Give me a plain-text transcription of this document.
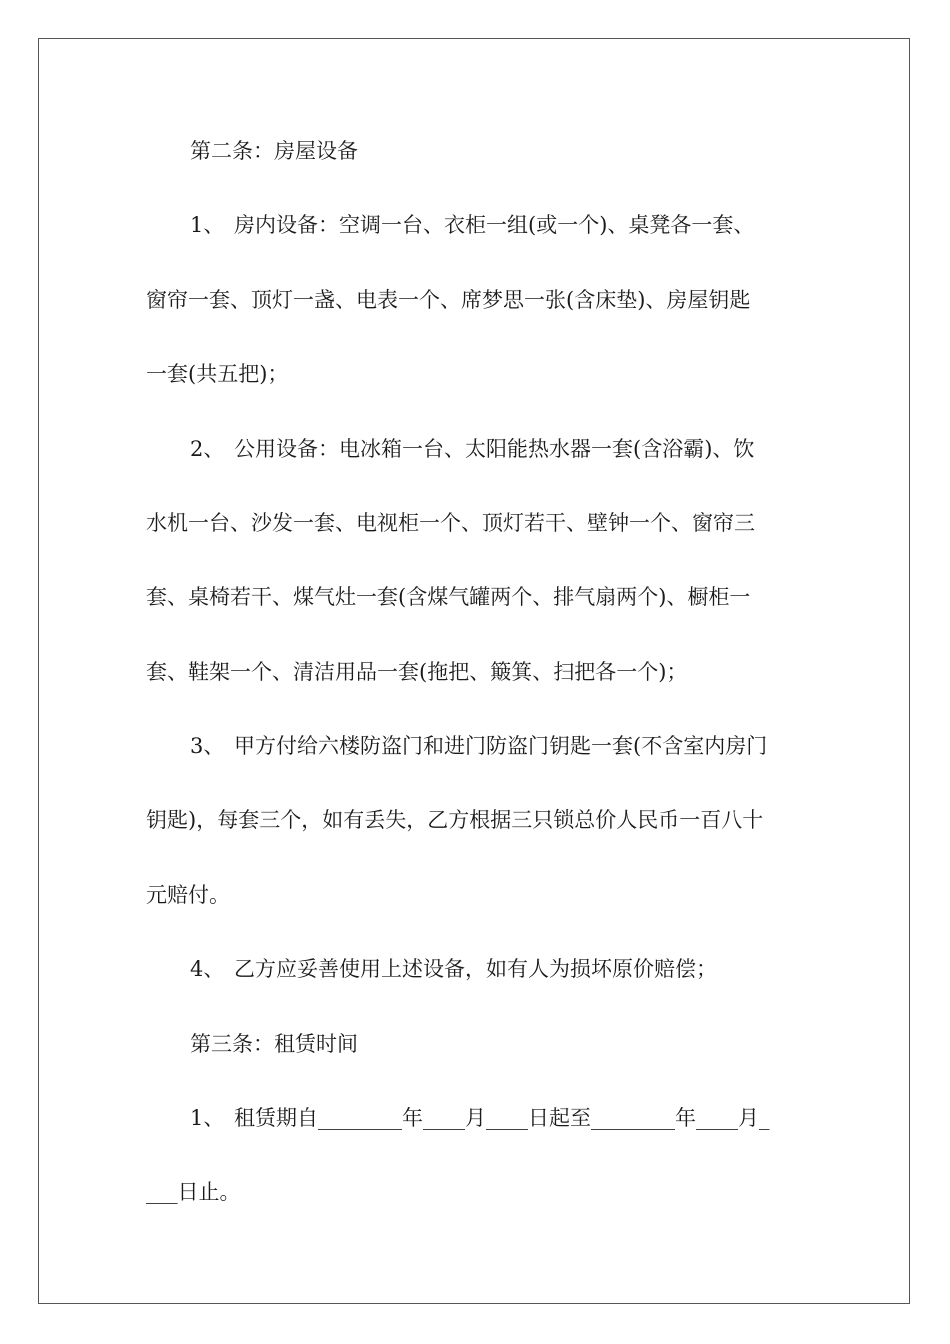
第二条：房屋设备
1、 房内设备：空调一台、衣柜一组(或一个)、桌凳各一套、
窗帘一套、顶灯一盏、电表一个、席梦思一张(含床垫)、房屋钥匙
一套(共五把)；
2、 公用设备：电冰箱一台、太阳能热水器一套(含浴霸)、饮
水机一台、沙发一套、电视柜一个、顶灯若干、壁钟一个、窗帘三
套、桌椅若干、煤气灶一套(含煤气罐两个、排气扇两个)、橱柜一
套、鞋架一个、清洁用品一套(拖把、簸箕、扫把各一个)；
3、 甲方付给六楼防盗门和进门防盗门钥匙一套(不含室内房门
钥匙)，每套三个，如有丢失，乙方根据三只锁总价人民币一百八十
元赔付。
4、 乙方应妥善使用上述设备，如有人为损坏原价赔偿；
第三条：租赁时间
1、 租赁期自________年____月____日起至________年____月_
___日止。
